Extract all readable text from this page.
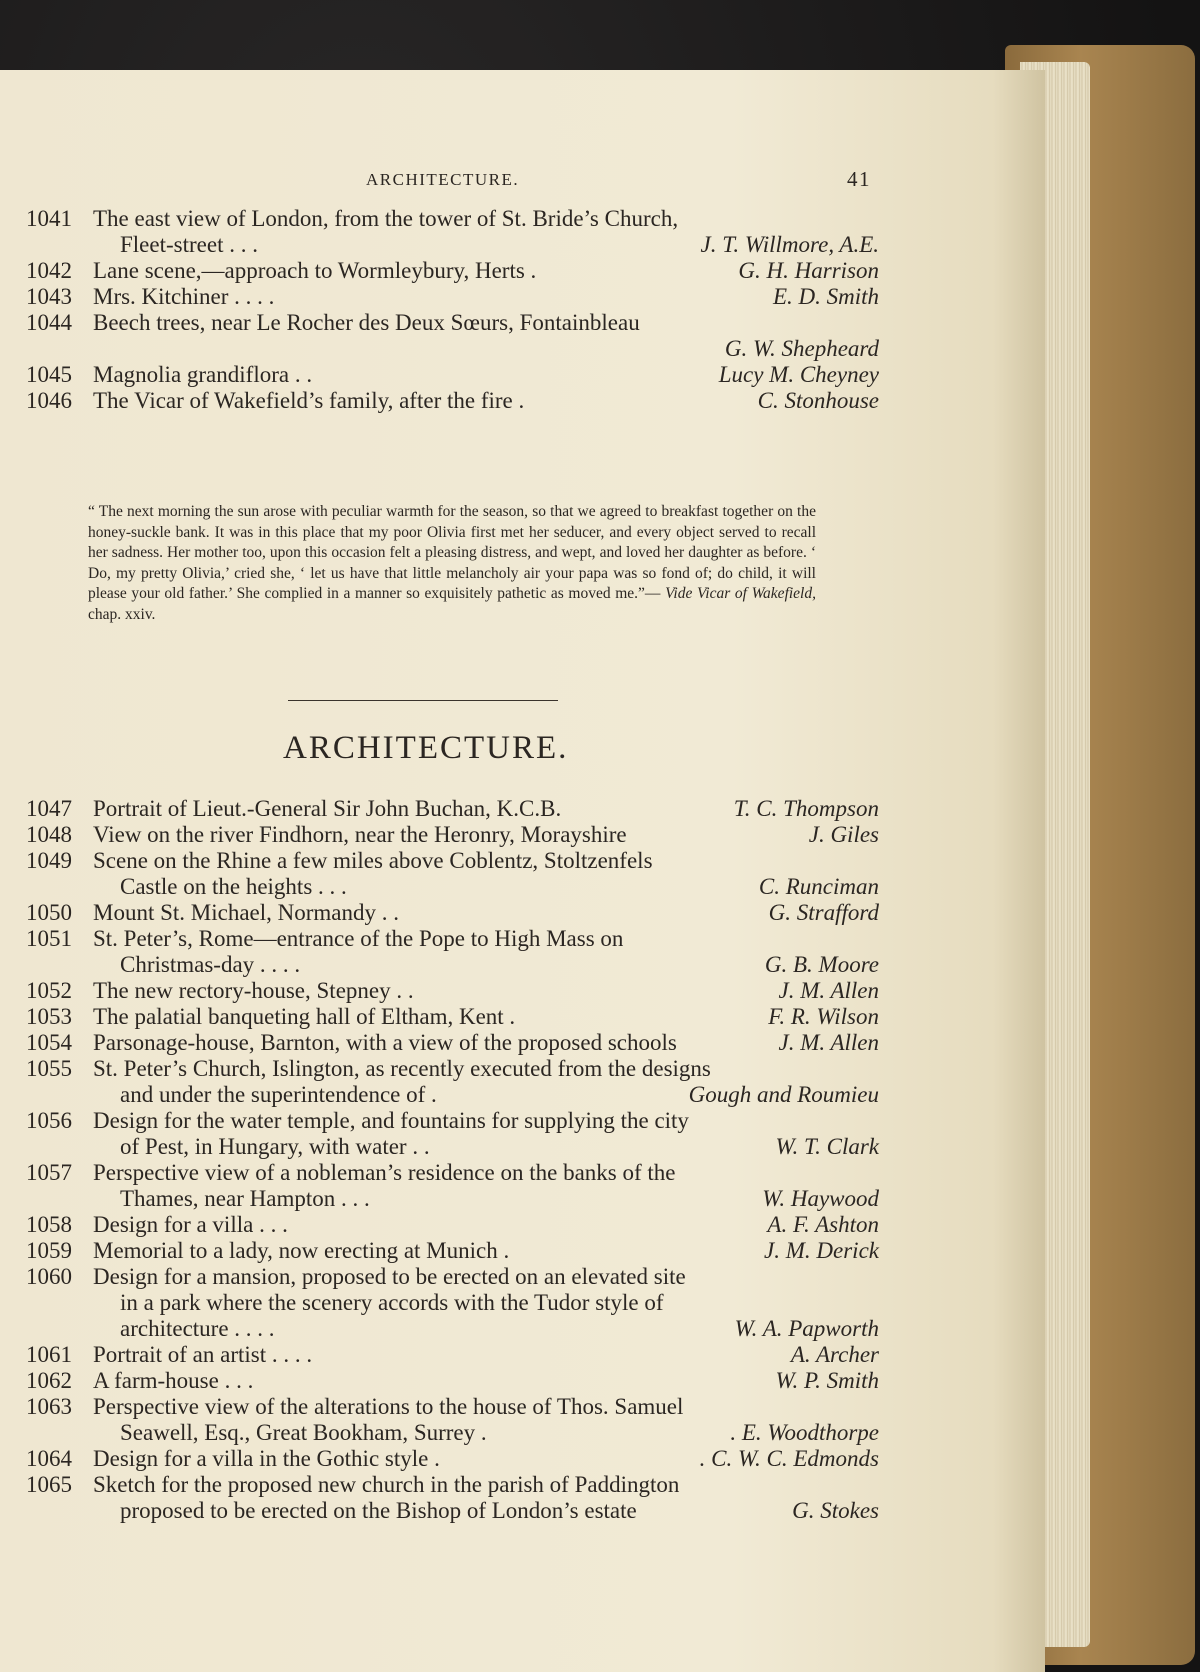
ARCHITECTURE.	41
1041 The east view of London, from the tower of St. Bride’s Church,
Fleet-street . . .	J. T. Willmore, A.E.
1042 Lane scene,—approach to Wormleybury, Herts .	G. H. Harrison
1043 Mrs. Kitchiner . . . .	E. D. Smith
1044 Beech trees, near Le Rocher des Deux Sœurs, Fontainbleau
G. W. Shepheard
1045 Magnolia grandiflora . .	Lucy M. Cheyney
1046 The Vicar of Wakefield’s family, after the fire .	C. Stonhouse
“ The next morning the sun arose with peculiar warmth for the season, so that we agreed to breakfast together on the honey-suckle bank. It was in this place that my poor Olivia first met her seducer, and every object served to recall her sadness. Her mother too, upon this occasion felt a pleasing distress, and wept, and loved her daughter as before. ‘ Do, my pretty Olivia,’ cried she, ‘ let us have that little melancholy air your papa was so fond of; do child, it will please your old father.’ She complied in a manner so exquisitely pathetic as moved me.”— Vide Vicar of Wakefield, chap. xxiv.
ARCHITECTURE.
1047 Portrait of Lieut.-General Sir John Buchan, K.C.B.	T. C. Thompson
1048 View on the river Findhorn, near the Heronry, Morayshire	J. Giles
1049 Scene on the Rhine a few miles above Coblentz, Stoltzenfels
Castle on the heights . . .	C. Runciman
1050 Mount St. Michael, Normandy . .	G. Strafford
1051 St. Peter’s, Rome—entrance of the Pope to High Mass on
Christmas-day . . . .	G. B. Moore
1052 The new rectory-house, Stepney . .	J. M. Allen
1053 The palatial banqueting hall of Eltham, Kent .	F. R. Wilson
1054 Parsonage-house, Barnton, with a view of the proposed schools	J. M. Allen
1055 St. Peter’s Church, Islington, as recently executed from the designs
and under the superintendence of .	Gough and Roumieu
1056 Design for the water temple, and fountains for supplying the city
of Pest, in Hungary, with water . .	W. T. Clark
1057 Perspective view of a nobleman’s residence on the banks of the
Thames, near Hampton . . .	W. Haywood
1058 Design for a villa . . .	A. F. Ashton
1059 Memorial to a lady, now erecting at Munich .	J. M. Derick
1060 Design for a mansion, proposed to be erected on an elevated site
in a park where the scenery accords with the Tudor style of
architecture . . . .	W. A. Papworth
1061 Portrait of an artist . . . .	A. Archer
1062 A farm-house . . .	W. P. Smith
1063 Perspective view of the alterations to the house of Thos. Samuel
Seawell, Esq., Great Bookham, Surrey .	. E. Woodthorpe
1064 Design for a villa in the Gothic style .	. C. W. C. Edmonds
1065 Sketch for the proposed new church in the parish of Paddington
proposed to be erected on the Bishop of London’s estate	G. Stokes
